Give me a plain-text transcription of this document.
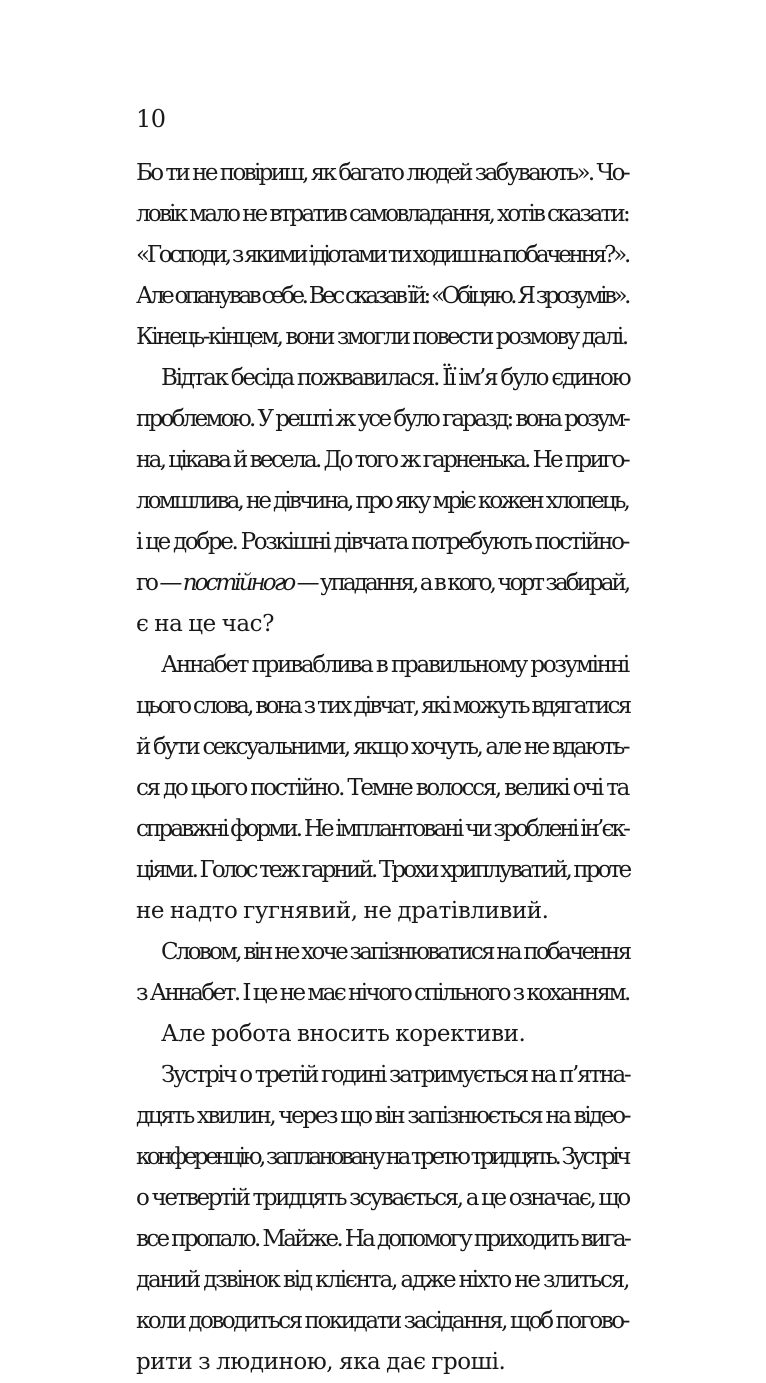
10
Бо ти не повіриш, як багато людей забувають». Чо-
ловік мало не втратив самовладання, хотів сказати:
«Господи, з якими ідіотами ти ходиш на побачення?».
Але опанував себе. Вес сказав їй: «Обіцяю. Я зрозумів».
Кінець-кінцем, вони змогли повести розмову далі.
Відтак бесіда пожвавилася. Її ім’я було єдиною
проблемою. У решті ж усе було гаразд: вона розум-
на, цікава й весела. До того ж гарненька. Не приго-
ломшлива, не дівчина, про яку мріє кожен хлопець,
і це добре. Розкішні дівчата потребують постійно-
го — постійного — упадання, а в кого, чорт забирай,
є на це час?
Аннабет приваблива в правильному розумінні
цього слова, вона з тих дівчат, які можуть вдягатися
й бути сексуальними, якщо хочуть, але не вдають-
ся до цього постійно. Темне волосся, великі очі та
справжні форми. Не імплантовані чи зроблені ін’єк-
ціями. Голос теж гарний. Трохи хриплуватий, проте
не надто гугнявий, не дратівливий.
Словом, він не хоче запізнюватися на побачення
з Аннабет. І це не має нічого спільного з коханням.
Але робота вносить корективи.
Зустріч о третій годині затримується на п’ятна-
дцять хвилин, через що він запізнюється на відео-
конференцію, заплановану на третю тридцять. Зустріч
о четвертій тридцять зсувається, а це означає, що
все пропало. Майже. На допомогу приходить вига-
даний дзвінок від клієнта, адже ніхто не злиться,
коли доводиться покидати засідання, щоб погово-
рити з людиною, яка дає гроші.
